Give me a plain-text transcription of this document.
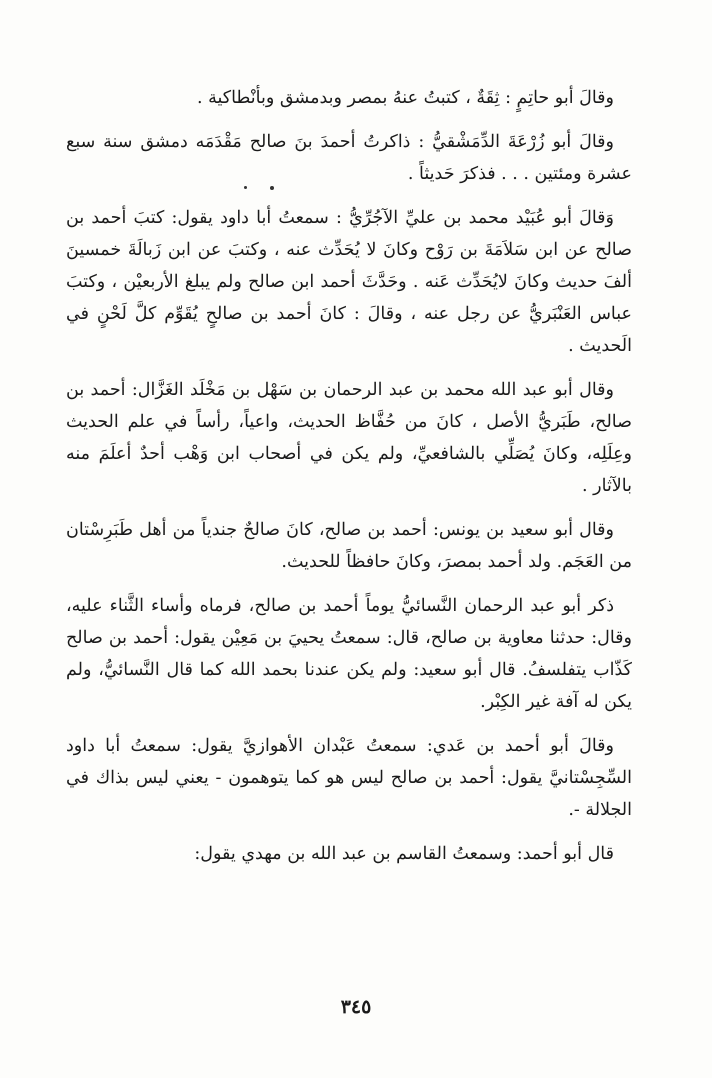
وقالَ أبو حاتِمٍ : ثِقَةٌ ، كتبتُ عنهُ بمصر وبدمشق وبأنْطاكية .

وقالَ أبو زُرْعَةَ الدِّمَشْقيُّ : ذاكرتُ أحمدَ بنَ صالح مَقْدَمَه دمشق سنة سبع عشرة ومئتين . . . فذكرَ حَديثاً .

وَقالَ أبو عُبَيْد محمد بن عليِّ الآجُرِّيُّ : سمعتُ أبا داود يقول: كتبَ أحمد بن صالح عن ابن سَلاَمَةَ بن رَوْح وكانَ لا يُحَدِّث عنه ، وكتبَ عن ابن زَبالَةَ خمسينَ ألفَ حديث وكانَ لايُحَدِّث عَنه . وحَدَّثَ أحمد ابن صالح ولم يبلغ الأربعيْن ، وكتبَ عباس العَنْبَريُّ عن رجل عنه ، وقالَ : كانَ أحمد بن صالحٍ يُقَوِّم كلَّ لَحْنٍ في الَحديث .

وقال أبو عبد الله محمد بن عبد الرحمان بن سَهْل بن مَخْلَد الغَزَّال: أحمد بن صالح، طَبَريُّ الأصل ، كانَ من حُفَّاظ الحديث، واعياً، رأساً في علم الحديث وعِلَلِه، وكانَ يُصَلِّي بالشافعيِّ، ولم يكن في أصحاب ابن وَهْب أحدٌ أعلَمَ منه بالآثار .

وقال أبو سعيد بن يونس: أحمد بن صالح، كانَ صالحٌ جندياً من أهل طَبَرِسْتان من العَجَم. ولد أحمد بمصرَ، وكانَ حافظاً للحديث.

ذكر أبو عبد الرحمان النَّسائيُّ يوماً أحمد بن صالح، فرماه وأساء الثَّناء عليه، وقال: حدثنا معاوية بن صالح، قال: سمعتُ يحييَ بن مَعِيْن يقول: أحمد بن صالح كَذّاب يتفلسفُ. قال أبو سعيد: ولم يكن عندنا بحمد الله كما قال النَّسائيُّ، ولم يكن له آفة غير الكِبْر.

وقالَ أبو أحمد بن عَدي: سمعتُ عَبْدان الأهوازيَّ يقول: سمعتُ أبا داود السِّجِسْتانيَّ يقول: أحمد بن صالح ليس هو كما يتوهمون - يعني ليس بذاك في الجلالة -.

قال أبو أحمد: وسمعتُ القاسم بن عبد الله بن مهدي يقول:

٣٤٥
